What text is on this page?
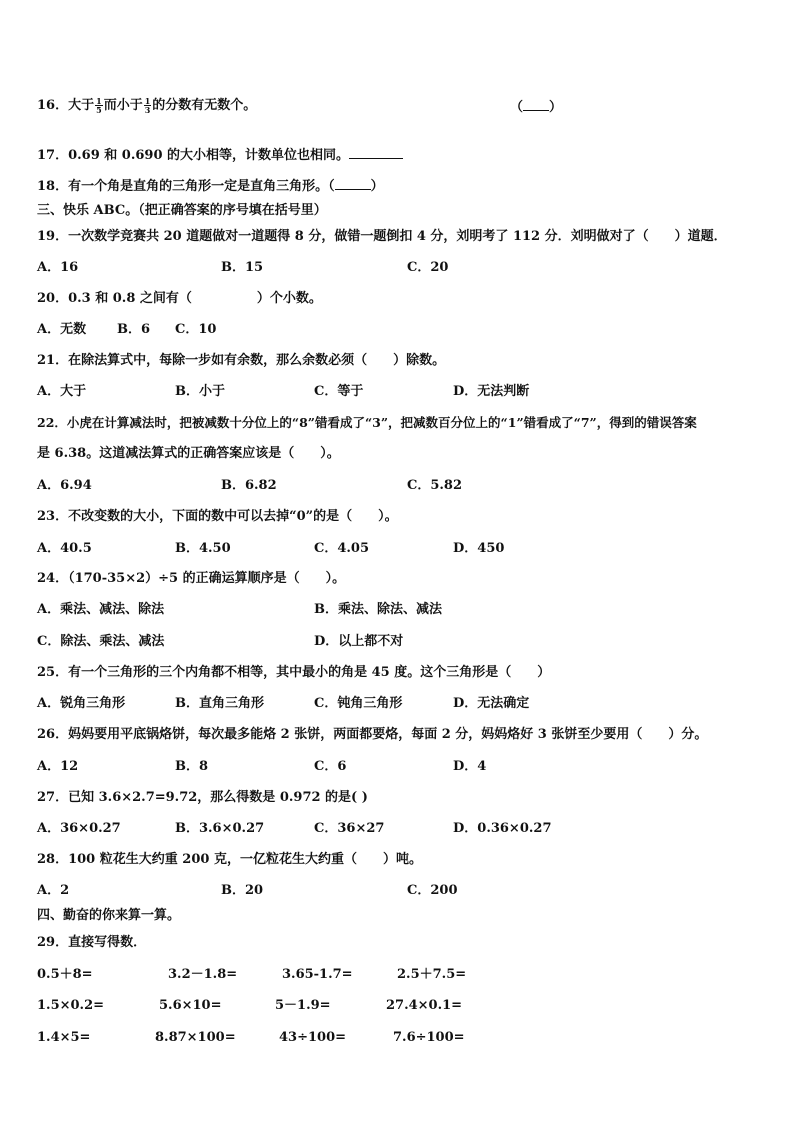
16．大于 $\frac{1}{5}$ 而小于 $\frac{1}{3}$ 的分数有无数个。	（ ）
17．0.69 和 0.690 的大小相等，计数单位也相同。
18．有一个角是直角的三角形一定是直角三角形。（	）
三、快乐 ABC。（把正确答案的序号填在括号里）
19．一次数学竞赛共 20 道题做对一道题得 8 分，做错一题倒扣 4 分，刘明考了 112 分．刘明做对了（　　）道题．
A．16	B．15	C．20
20．0.3 和 0.8 之间有（　　　　　）个小数。
A．无数 B．6 C．10
21．在除法算式中，每除一步如有余数，那么余数必须（　　）除数。
A．大于	B．小于	C．等于	D．无法判断
22．小虎在计算减法时，把被减数十分位上的“8”错看成了“3”，把减数百分位上的“1”错看成了“7”，得到的错误答案
是 6.38。这道减法算式的正确答案应该是（　　）。
A．6.94	B．6.82	C．5.82
23．不改变数的大小，下面的数中可以去掉“0”的是（　　）。
A．40.5	B．4.50	C．4.05	D．450
24．（170-35×2）÷5 的正确运算顺序是（　　）。
A．乘法、减法、除法	B．乘法、除法、减法
C．除法、乘法、减法	D．以上都不对
25．有一个三角形的三个内角都不相等，其中最小的角是 45 度。这个三角形是（　　）
A．锐角三角形	B．直角三角形	C．钝角三角形	D．无法确定
26．妈妈要用平底锅烙饼，每次最多能烙 2 张饼，两面都要烙，每面 2 分，妈妈烙好 3 张饼至少要用（　　）分。
A．12	B．8	C．6	D．4
27．已知 3.6×2.7=9.72，那么得数是 0.972 的是( )
A．36×0.27	B．3.6×0.27	C．36×27	D．0.36×0.27
28．100 粒花生大约重 200 克，一亿粒花生大约重（　　）吨。
A．2	B．20	C．200
四、勤奋的你来算一算。
29．直接写得数．
0.5＋8=	3.2－1.8=	3.65-1.7=	2.5＋7.5=
1.5×0.2=	5.6×10=	5－1.9=	27.4×0.1=
1.4×5=	8.87×100=	43÷100=	7.6÷100=
